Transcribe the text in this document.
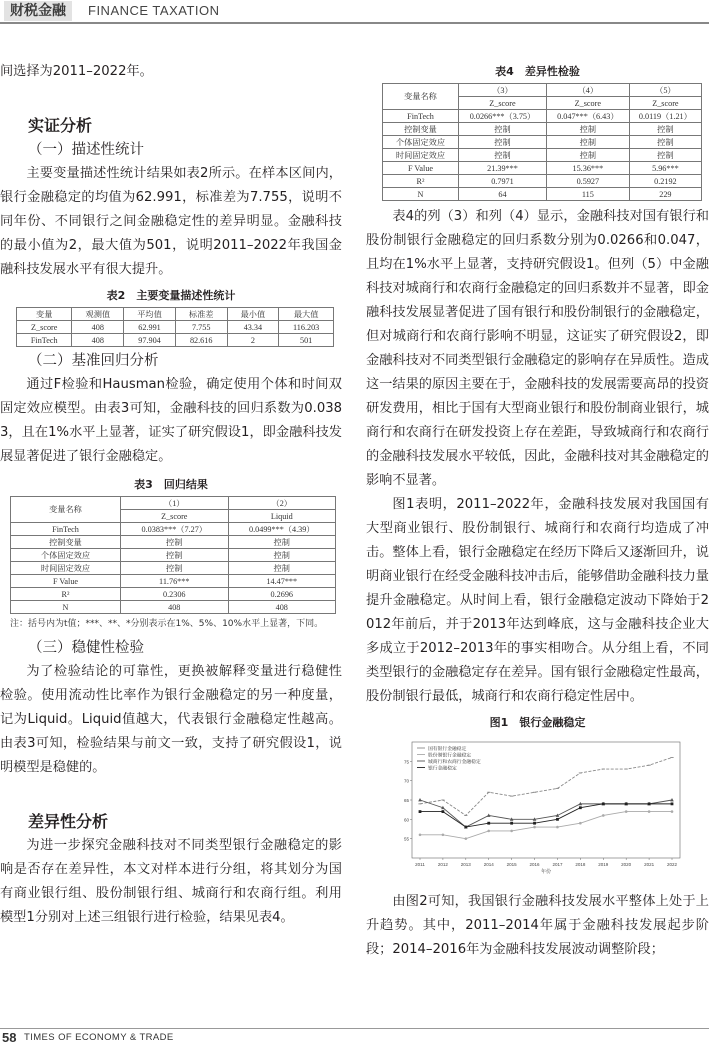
财税金融	FINANCE TAXATION

间选择为2011–2022年。

实证分析
（一）描述性统计

主要变量描述性统计结果如表2所示。在样本区间内，银行金融稳定的均值为62.991，标准差为7.755，说明不同年份、不同银行之间金融稳定性的差异明显。金融科技的最小值为2，最大值为501，说明2011–2022年我国金融科技发展水平有很大提升。

表2　主要变量描述性统计
变量	观测值	平均值	标准差	最小值	最大值
Z_score	408	62.991	7.755	43.34	116.203
FinTech	408	97.904	82.616	2	501
（二）基准回归分析

通过F检验和Hausman检验，确定使用个体和时间双固定效应模型。由表3可知，金融科技的回归系数为0.0383，且在1%水平上显著，证实了研究假设1，即金融科技发展显著促进了银行金融稳定。

表3　回归结果
变量名称	（1）	（2）
	Z_score	Liquid
FinTech	0.0383***（7.27）	0.0499***（4.39）
控制变量	控制	控制
个体固定效应	控制	控制
时间固定效应	控制	控制
F Value	11.76***	14.47***
R²	0.2306	0.2696
N	408	408

注：括号内为t值；***、**、*分别表示在1%、5%、10%水平上显著，下同。

（三）稳健性检验

为了检验结论的可靠性，更换被解释变量进行稳健性检验。使用流动性比率作为银行金融稳定的另一种度量，记为Liquid。Liquid值越大，代表银行金融稳定性越高。由表3可知，检验结果与前文一致，支持了研究假设1，说明模型是稳健的。

差异性分析

为进一步探究金融科技对不同类型银行金融稳定的影响是否存在差异性，本文对样本进行分组，将其划分为国有商业银行组、股份制银行组、城商行和农商行组。利用模型1分别对上述三组银行进行检验，结果见表4。

表4　差异性检验
变量名称	（3）	（4）	（5）
	Z_score	Z_score	Z_score
FinTech	0.0266***（3.75）	0.047***（6.43）	0.0119（1.21）
控制变量	控制	控制	控制
个体固定效应	控制	控制	控制
时间固定效应	控制	控制	控制
F Value	21.39***	15.36***	5.96***
R²	0.7971	0.5927	0.2192
N	64	115	229

表4的列（3）和列（4）显示，金融科技对国有银行和股份制银行金融稳定的回归系数分别为0.0266和0.047，且均在1%水平上显著，支持研究假设1。但列（5）中金融科技对城商行和农商行金融稳定的回归系数并不显著，即金融科技发展显著促进了国有银行和股份制银行的金融稳定，但对城商行和农商行影响不明显，这证实了研究假设2，即金融科技对不同类型银行金融稳定的影响存在异质性。造成这一结果的原因主要在于，金融科技的发展需要高昂的投资研发费用，相比于国有大型商业银行和股份制商业银行，城商行和农商行在研发投资上存在差距，导致城商行和农商行的金融科技发展水平较低，因此，金融科技对其金融稳定的影响不显著。

图1表明，2011–2022年，金融科技发展对我国国有大型商业银行、股份制银行、城商行和农商行均造成了冲击。整体上看，银行金融稳定在经历下降后又逐渐回升，说明商业银行在经受金融科技冲击后，能够借助金融科技力量提升金融稳定。从时间上看，银行金融稳定波动下降始于2012年前后，并于2013年达到峰底，这与金融科技企业大多成立于2012–2013年的事实相吻合。从分组上看，不同类型银行的金融稳定存在差异。国有银行金融稳定性最高，股份制银行最低，城商行和农商行稳定性居中。

图1　银行金融稳定
55
60
65
70
75
2011	2012	2013	2014	2015	2016	2017	2018	2019	2020	2021	2022
年份
国有银行金融稳定
股份制银行金融稳定
城商行和农商行金融稳定
银行金融稳定

由图2可知，我国银行金融科技发展水平整体上处于上升趋势。其中，2011–2014年属于金融科技发展起步阶段；2014–2016年为金融科技发展波动调整阶段；

58 TIMES OF ECONOMY & TRADE
